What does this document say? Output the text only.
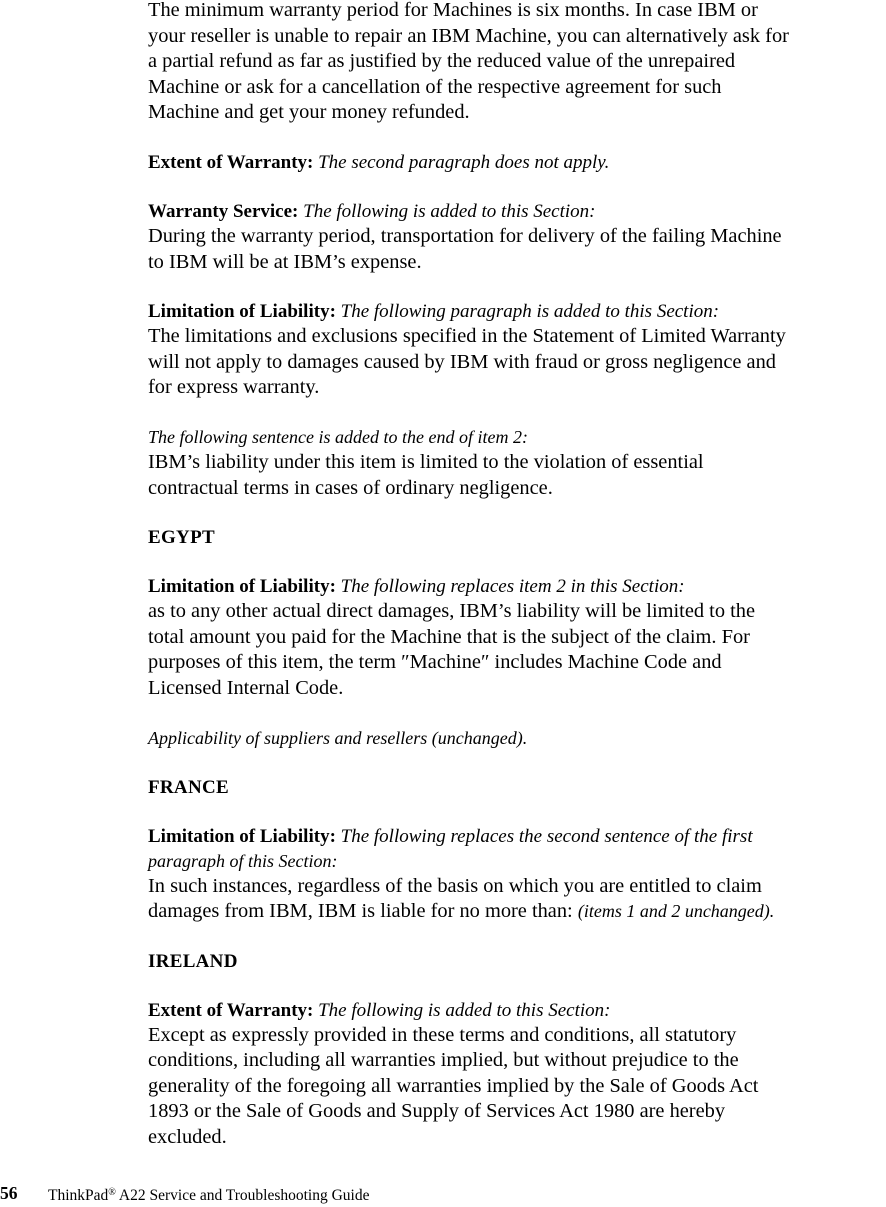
The minimum warranty period for Machines is six months. In case IBM or

your reseller is unable to repair an IBM Machine, you can alternatively ask for

a partial refund as far as justified by the reduced value of the unrepaired

Machine or ask for a cancellation of the respective agreement for such

Machine and get your money refunded.

Extent of Warranty: The second paragraph does not apply.
Warranty Service: The following is added to this Section:

During the warranty period, transportation for delivery of the failing Machine

to IBM will be at IBM’s expense.

Limitation of Liability: The following paragraph is added to this Section:

The limitations and exclusions specified in the Statement of Limited Warranty

will not apply to damages caused by IBM with fraud or gross negligence and

for express warranty.

The following sentence is added to the end of item 2:

IBM’s liability under this item is limited to the violation of essential

contractual terms in cases of ordinary negligence.

EGYPT
Limitation of Liability: The following replaces item 2 in this Section:

as to any other actual direct damages, IBM’s liability will be limited to the

total amount you paid for the Machine that is the subject of the claim. For

purposes of this item, the term ″Machine″ includes Machine Code and

Licensed Internal Code.

Applicability of suppliers and resellers (unchanged).
FRANCE
Limitation of Liability: The following replaces the second sentence of the first
paragraph of this Section:

In such instances, regardless of the basis on which you are entitled to claim

damages from IBM, IBM is liable for no more than: (items 1 and 2 unchanged).

IRELAND
Extent of Warranty: The following is added to this Section:

Except as expressly provided in these terms and conditions, all statutory

conditions, including all warranties implied, but without prejudice to the

generality of the foregoing all warranties implied by the Sale of Goods Act

1893 or the Sale of Goods and Supply of Services Act 1980 are hereby

excluded.

56 ThinkPad® A22 Service and Troubleshooting Guide
